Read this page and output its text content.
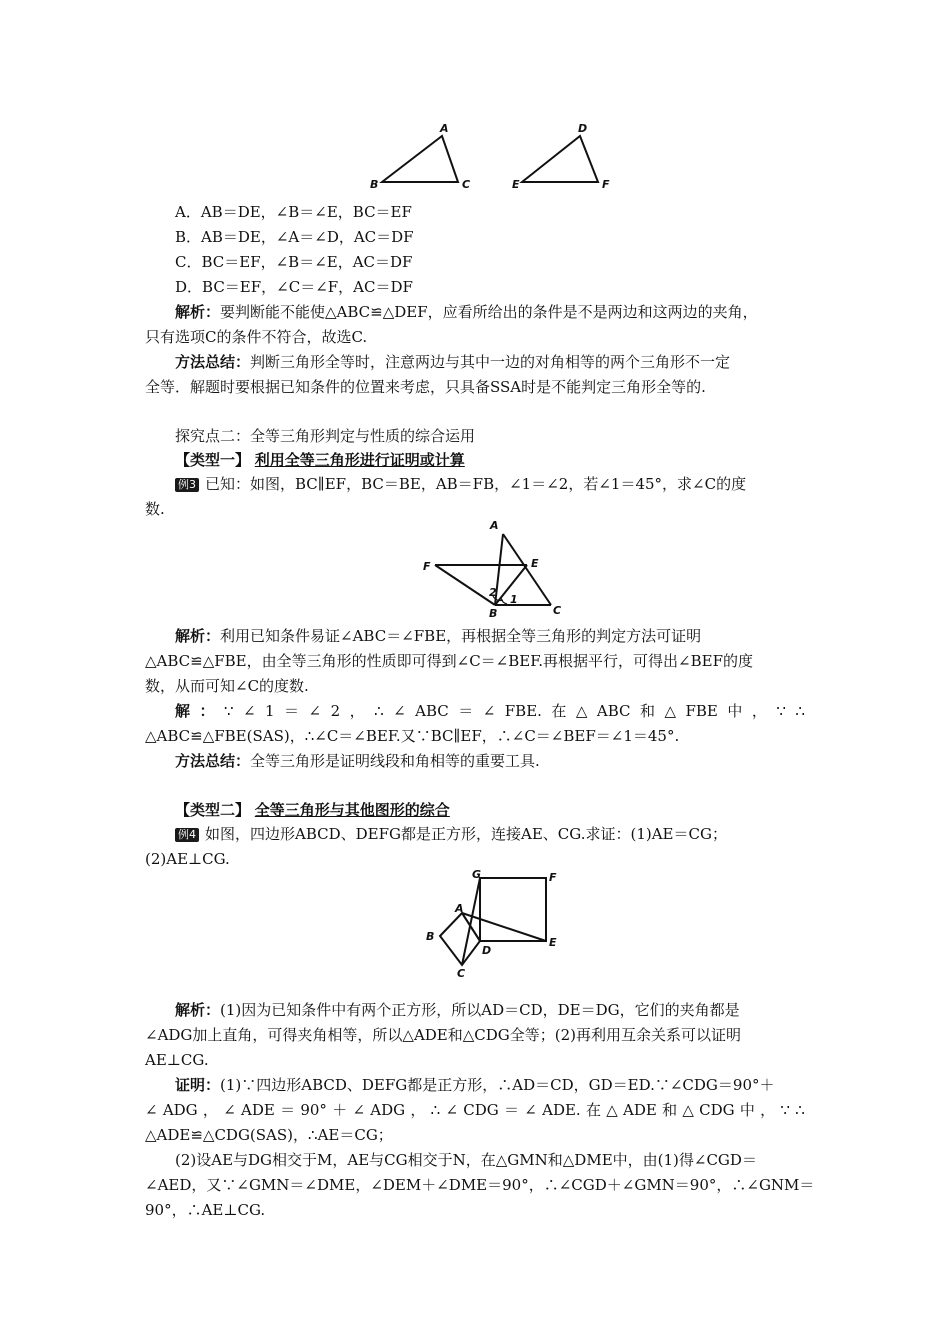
A
B	C
D
E	F
A．AB＝DE，∠B＝∠E，BC＝EF
B．AB＝DE，∠A＝∠D，AC＝DF
C．BC＝EF，∠B＝∠E，AC＝DF
D．BC＝EF，∠C＝∠F，AC＝DF
解析：要判断能不能使△ABC≌△DEF，应看所给出的条件是不是两边和这两边的夹角，
只有选项C的条件不符合，故选C.
方法总结：判断三角形全等时，注意两边与其中一边的对角相等的两个三角形不一定
全等．解题时要根据已知条件的位置来考虑，只具备SSA时是不能判定三角形全等的.
探究点二：全等三角形判定与性质的综合运用
【类型一】 利用全等三角形进行证明或计算
例3 已知：如图，BC∥EF，BC＝BE，AB＝FB，∠1＝∠2，若∠1＝45°，求∠C的度
数.
A
E
F
2
1
B	C
解析：利用已知条件易证∠ABC＝∠FBE，再根据全等三角形的判定方法可证明
△ABC≌△FBE，由全等三角形的性质即可得到∠C＝∠BEF.再根据平行，可得出∠BEF的度
数，从而可知∠C的度数.
解 ： ∵ ∠ 1 ＝ ∠ 2 ， ∴ ∠ ABC ＝ ∠ FBE. 在 △ ABC 和 △ FBE 中 ， ∵ ∴
△ABC≌△FBE(SAS)，∴∠C＝∠BEF.又∵BC∥EF，∴∠C＝∠BEF＝∠1＝45°.
方法总结：全等三角形是证明线段和角相等的重要工具.
【类型二】 全等三角形与其他图形的综合
例4 如图，四边形ABCD、DEFG都是正方形，连接AE、CG.求证：(1)AE＝CG；
(2)AE⊥CG.
G	F
A
B
D
E
C
解析：(1)因为已知条件中有两个正方形，所以AD＝CD，DE＝DG，它们的夹角都是
∠ADG加上直角，可得夹角相等，所以△ADE和△CDG全等；(2)再利用互余关系可以证明
AE⊥CG.
证明：(1)∵四边形ABCD、DEFG都是正方形，∴AD＝CD，GD＝ED.∵∠CDG＝90°＋
∠ ADG ， ∠ ADE ＝ 90° ＋ ∠ ADG ， ∴ ∠ CDG ＝ ∠ ADE. 在 △ ADE 和 △ CDG 中 ， ∵ ∴
△ADE≌△CDG(SAS)，∴AE＝CG；
(2)设AE与DG相交于M，AE与CG相交于N，在△GMN和△DME中，由(1)得∠CGD＝
∠AED，又∵∠GMN＝∠DME，∠DEM＋∠DME＝90°，∴∠CGD＋∠GMN＝90°，∴∠GNM＝
90°，∴AE⊥CG.
